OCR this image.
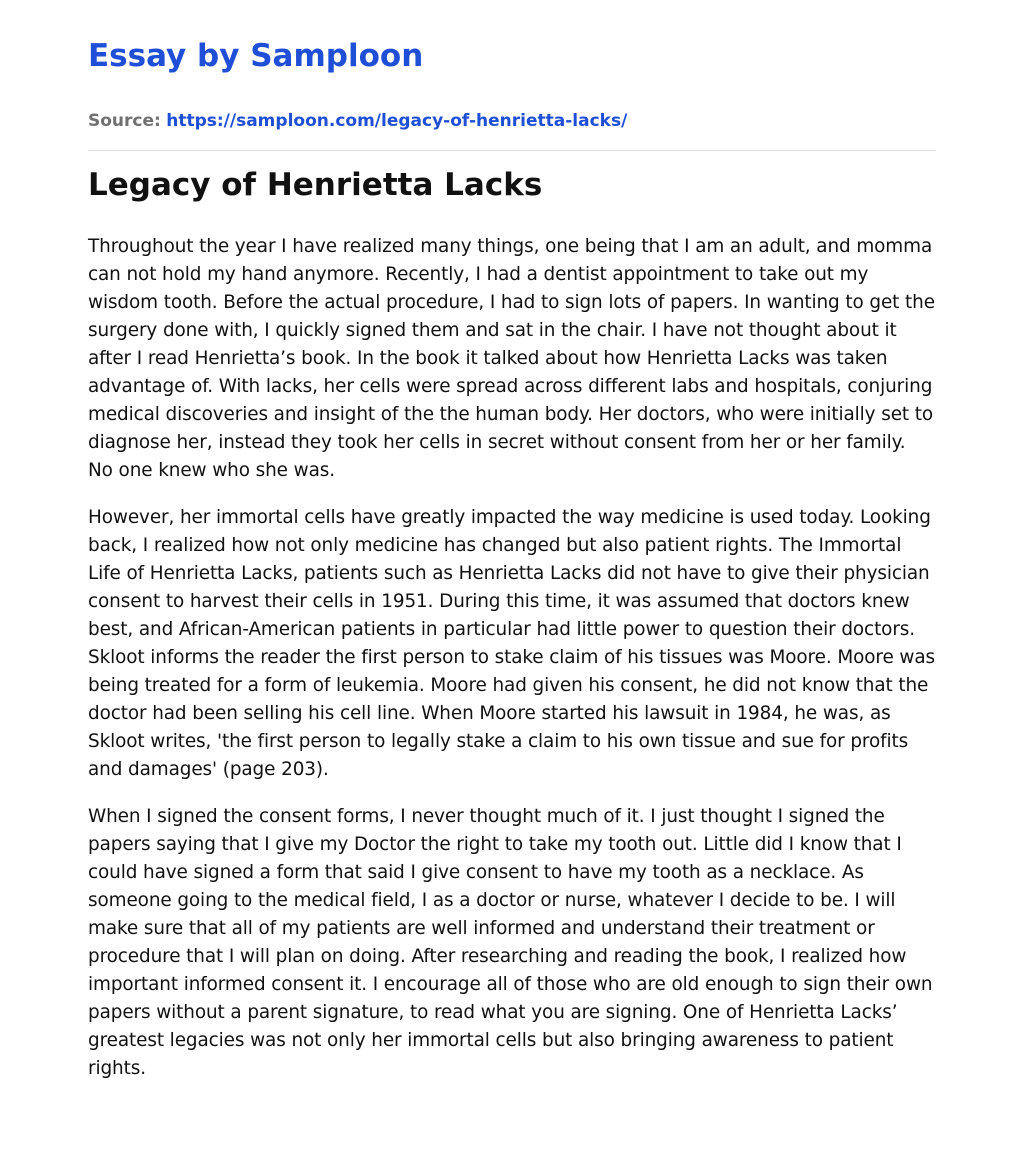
Essay by Samploon
Source: https://samploon.com/legacy-of-henrietta-lacks/
Legacy of Henrietta Lacks

Throughout the year I have realized many things, one being that I am an adult, and momma can not hold my hand anymore. Recently, I had a dentist appointment to take out my wisdom tooth. Before the actual procedure, I had to sign lots of papers. In wanting to get the surgery done with, I quickly signed them and sat in the chair. I have not thought about it after I read Henrietta’s book. In the book it talked about how Henrietta Lacks was taken advantage of. With lacks, her cells were spread across different labs and hospitals, conjuring medical discoveries and insight of the the human body. Her doctors, who were initially set to diagnose her, instead they took her cells in secret without consent from her or her family. No one knew who she was.

However, her immortal cells have greatly impacted the way medicine is used today. Looking back, I realized how not only medicine has changed but also patient rights. The Immortal Life of Henrietta Lacks, patients such as Henrietta Lacks did not have to give their physician consent to harvest their cells in 1951. During this time, it was assumed that doctors knew best, and African-American patients in particular had little power to question their doctors. Skloot informs the reader the first person to stake claim of his tissues was Moore. Moore was being treated for a form of leukemia. Moore had given his consent, he did not know that the doctor had been selling his cell line. When Moore started his lawsuit in 1984, he was, as Skloot writes, 'the first person to legally stake a claim to his own tissue and sue for profits and damages' (page 203).

When I signed the consent forms, I never thought much of it. I just thought I signed the papers saying that I give my Doctor the right to take my tooth out. Little did I know that I could have signed a form that said I give consent to have my tooth as a necklace. As someone going to the medical field, I as a doctor or nurse, whatever I decide to be. I will make sure that all of my patients are well informed and understand their treatment or procedure that I will plan on doing. After researching and reading the book, I realized how important informed consent it. I encourage all of those who are old enough to sign their own papers without a parent signature, to read what you are signing. One of Henrietta Lacks’ greatest legacies was not only her immortal cells but also bringing awareness to patient rights.
